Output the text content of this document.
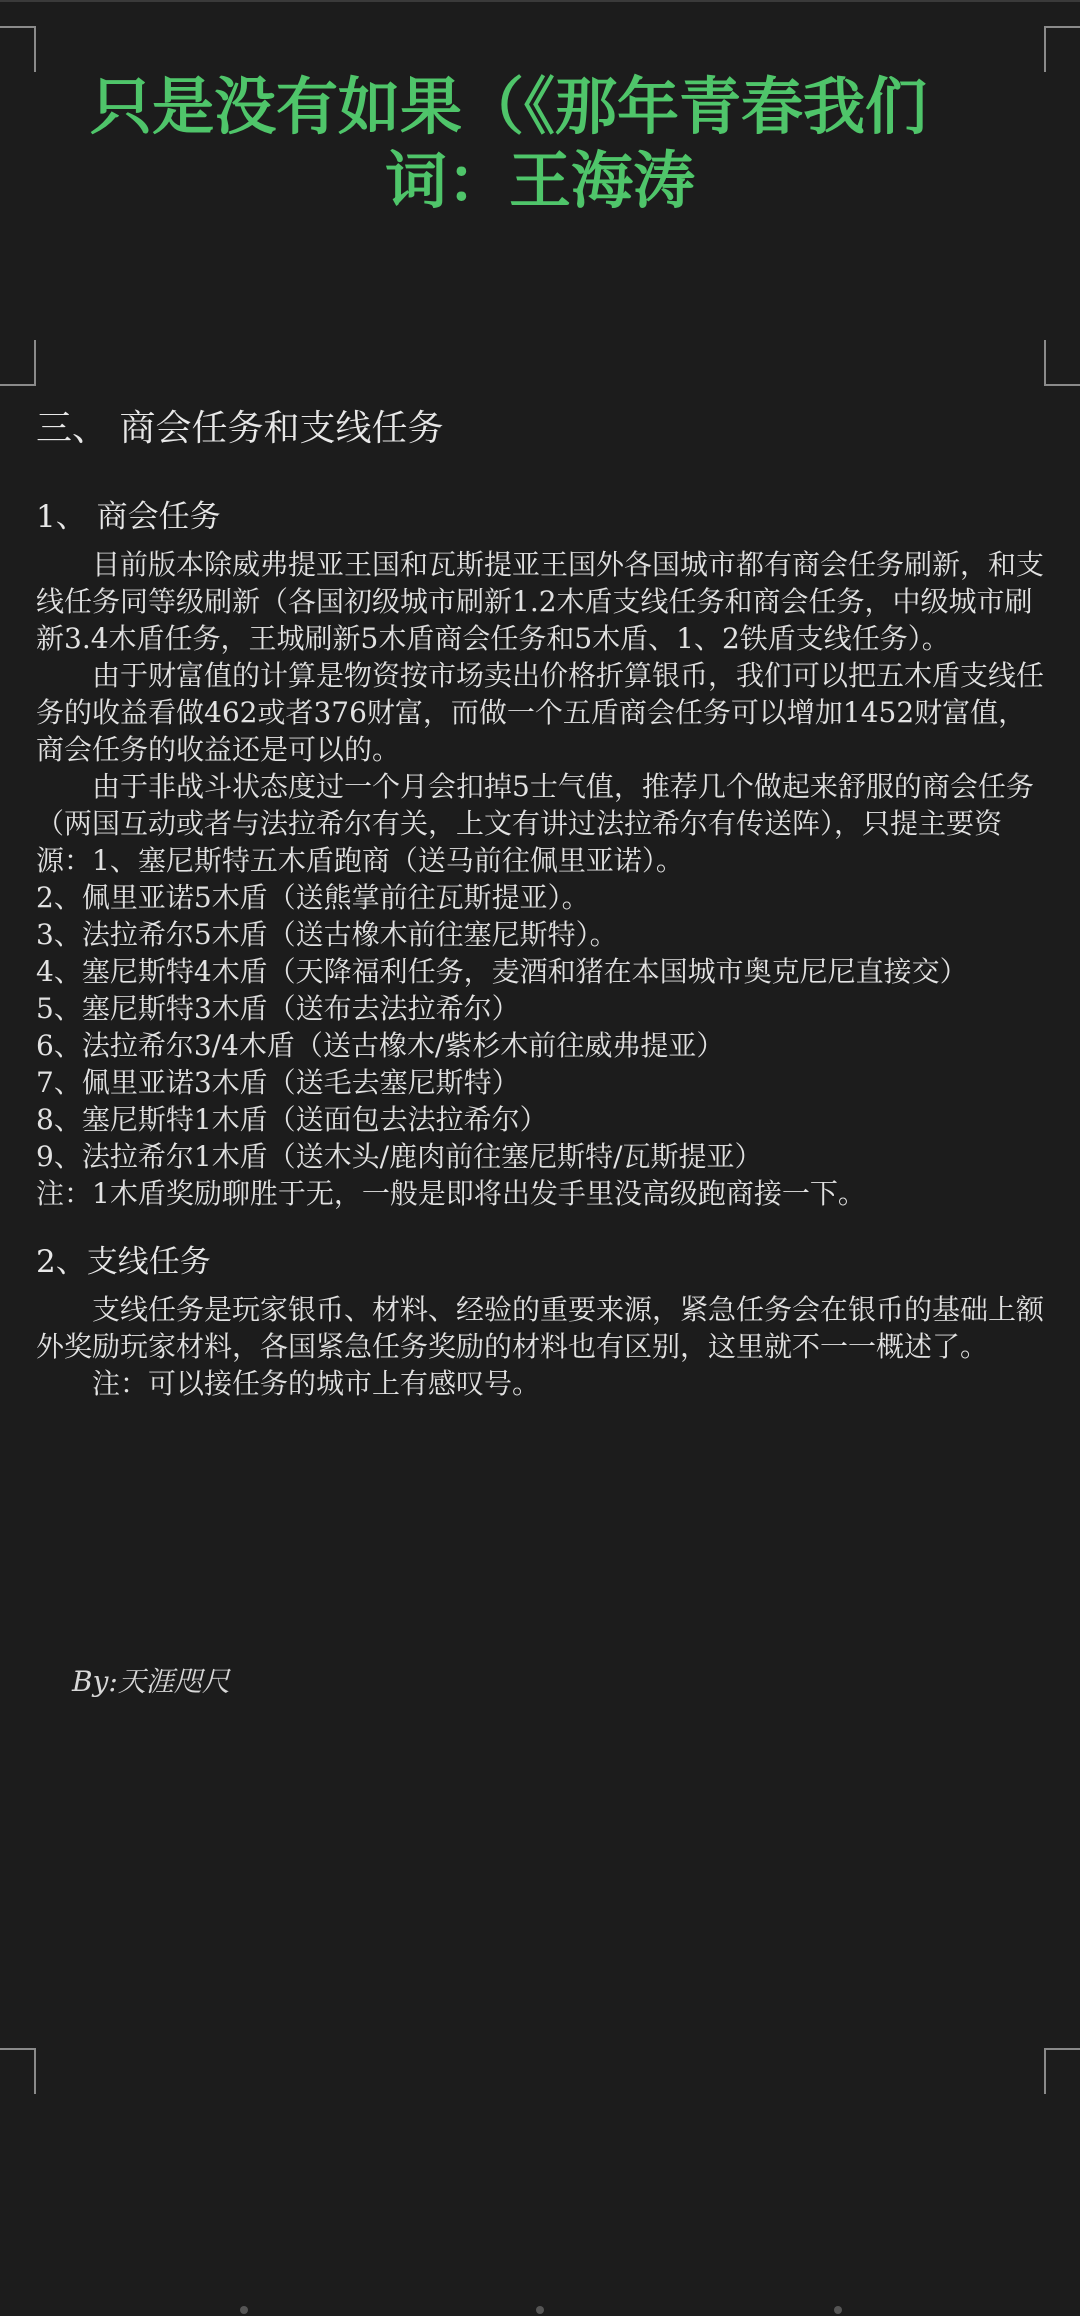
只是没有如果（《那年青春我们
词：王海涛
三、 商会任务和支线任务
1、 商会任务

目前版本除威弗提亚王国和瓦斯提亚王国外各国城市都有商会任务刷新，和支线任务同等级刷新（各国初级城市刷新1.2木盾支线任务和商会任务，中级城市刷新3.4木盾任务，王城刷新5木盾商会任务和5木盾、1、2铁盾支线任务）。

由于财富值的计算是物资按市场卖出价格折算银币，我们可以把五木盾支线任务的收益看做462或者376财富，而做一个五盾商会任务可以增加1452财富值，商会任务的收益还是可以的。

由于非战斗状态度过一个月会扣掉5士气值，推荐几个做起来舒服的商会任务（两国互动或者与法拉希尔有关，上文有讲过法拉希尔有传送阵），只提主要资源：1、塞尼斯特五木盾跑商（送马前往佩里亚诺）。

2、佩里亚诺5木盾（送熊掌前往瓦斯提亚）。
3、法拉希尔5木盾（送古橡木前往塞尼斯特）。
4、塞尼斯特4木盾（天降福利任务，麦酒和猪在本国城市奥克尼尼直接交）
5、塞尼斯特3木盾（送布去法拉希尔）
6、法拉希尔3/4木盾（送古橡木/紫杉木前往威弗提亚）
7、佩里亚诺3木盾（送毛去塞尼斯特）
8、塞尼斯特1木盾（送面包去法拉希尔）
9、法拉希尔1木盾（送木头/鹿肉前往塞尼斯特/瓦斯提亚）

注：1木盾奖励聊胜于无，一般是即将出发手里没高级跑商接一下。

2、支线任务

支线任务是玩家银币、材料、经验的重要来源，紧急任务会在银币的基础上额外奖励玩家材料，各国紧急任务奖励的材料也有区别，这里就不一一概述了。

注：可以接任务的城市上有感叹号。

By:天涯咫尺
